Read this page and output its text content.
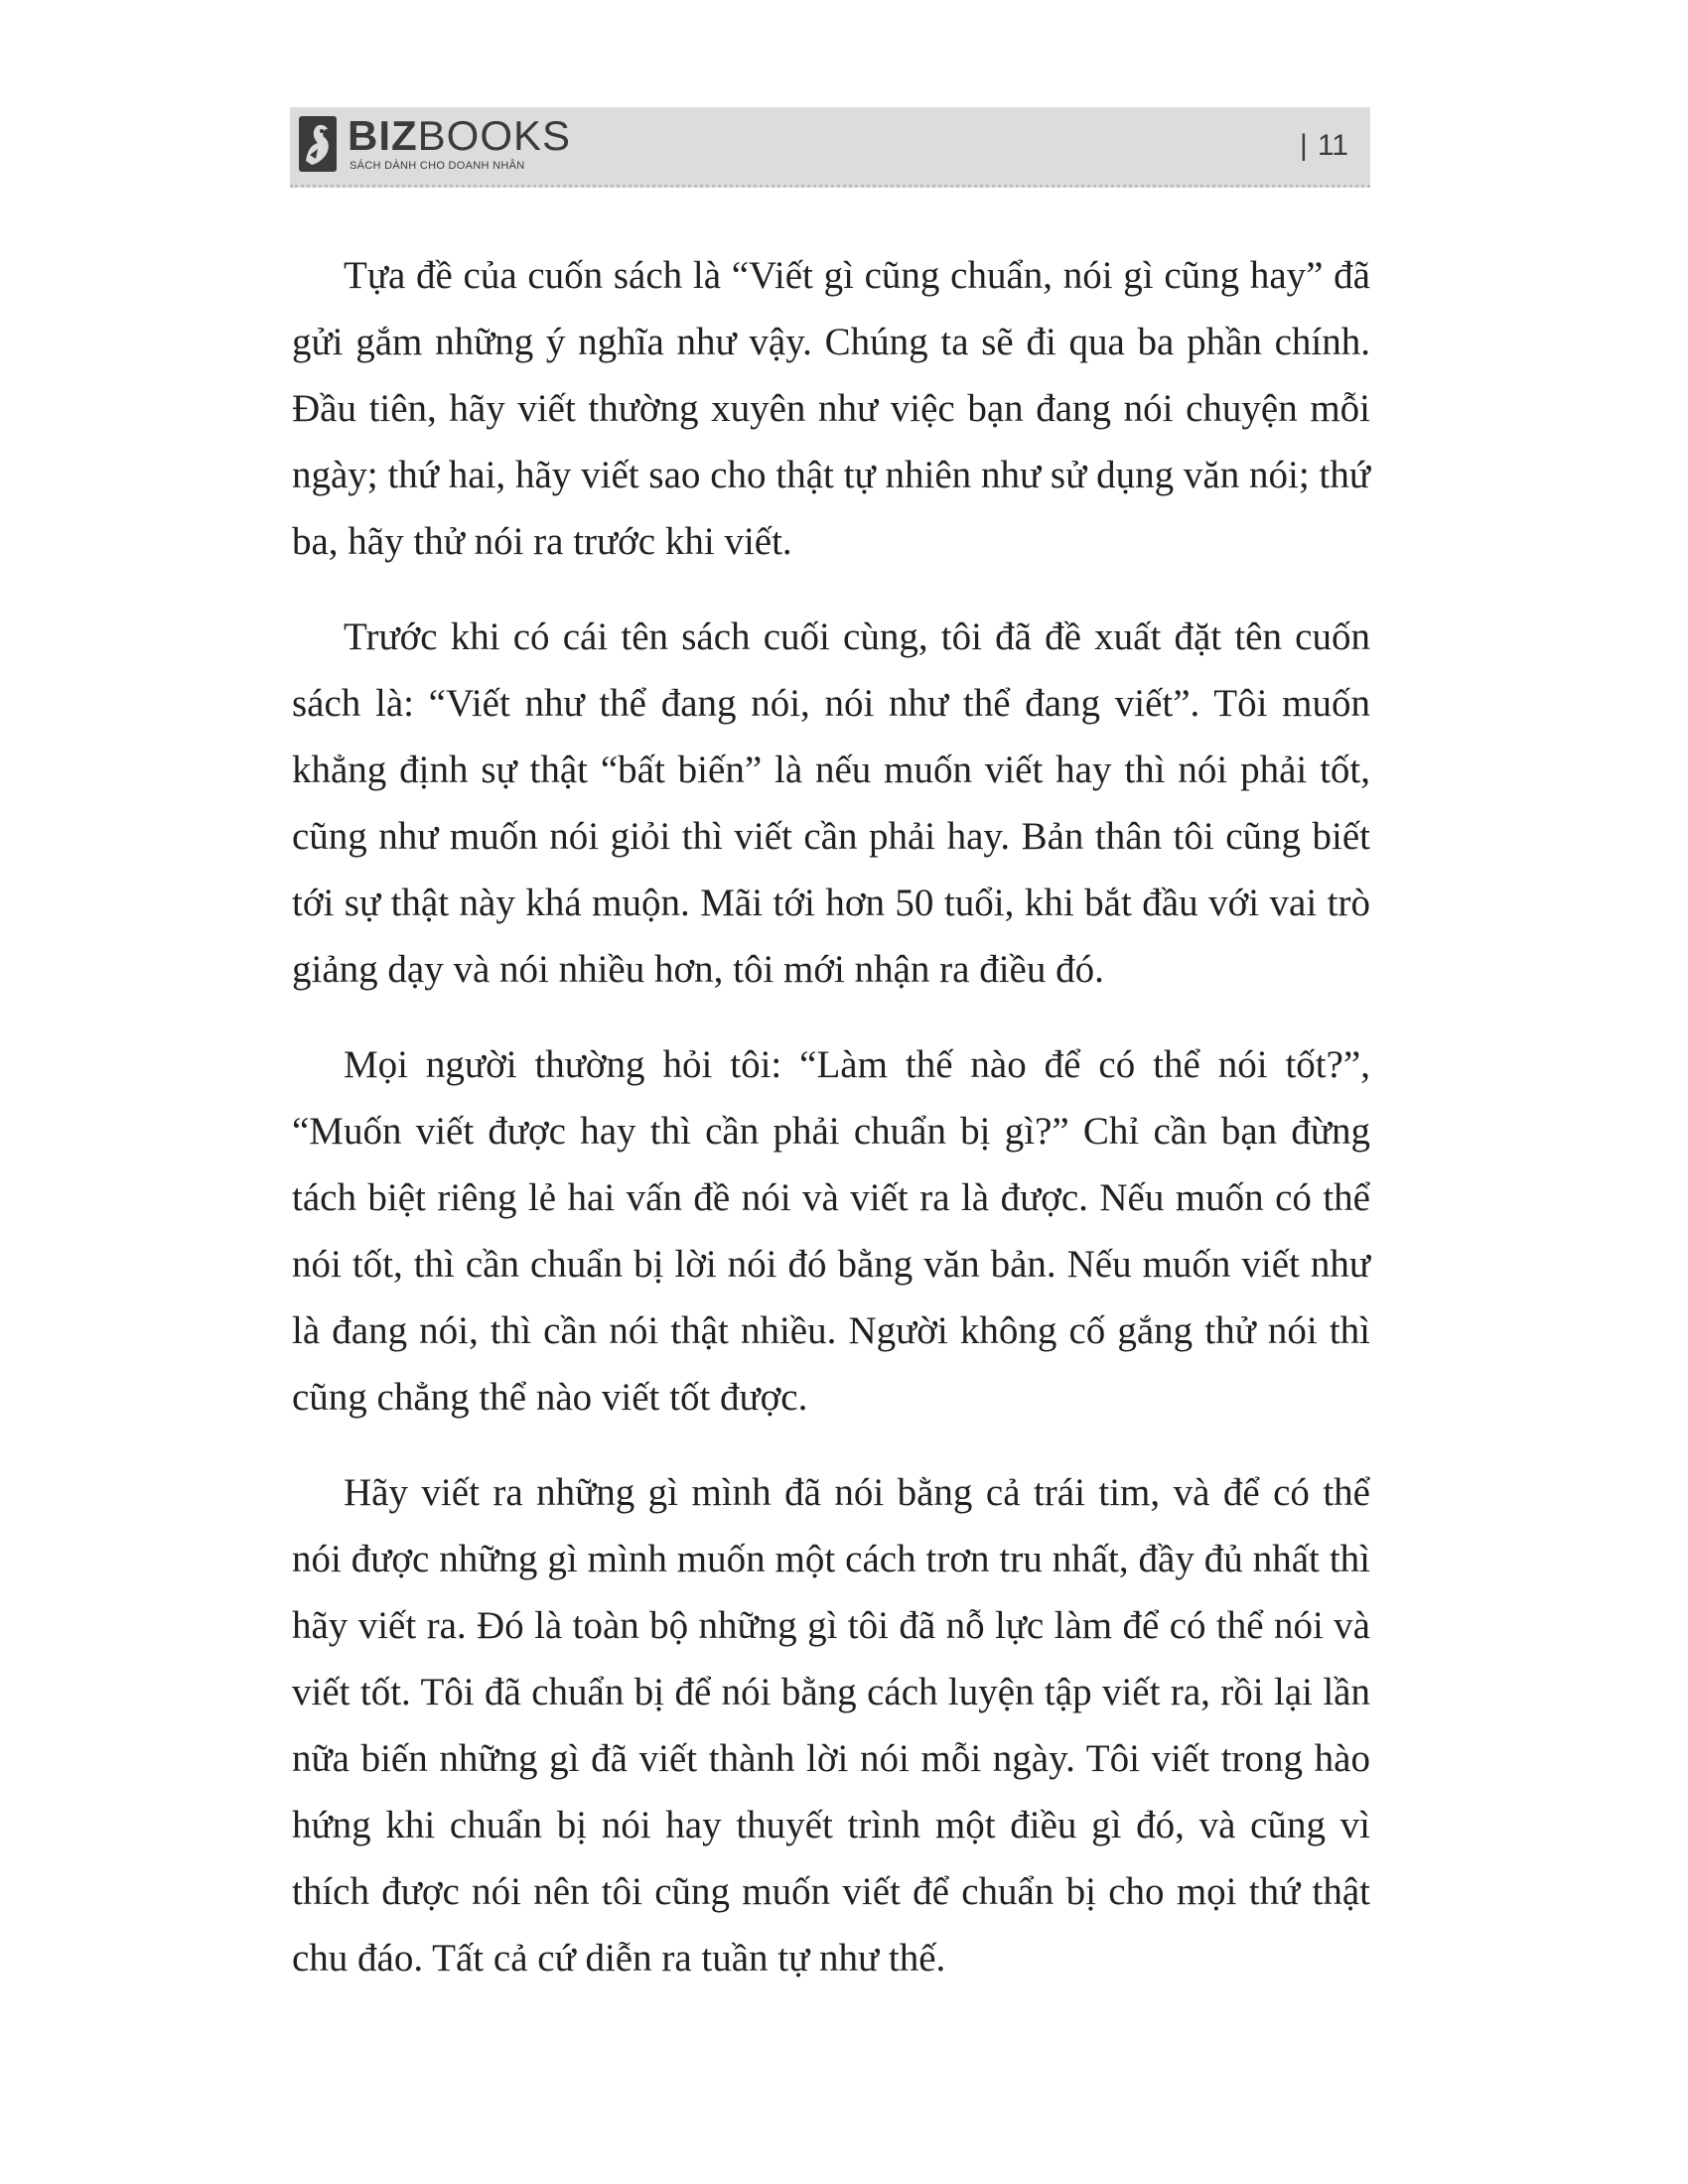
BIZBOOKS
SÁCH DÀNH CHO DOANH NHÂN
| 11

Tựa đề của cuốn sách là “Viết gì cũng chuẩn, nói gì cũng hay” đã gửi gắm những ý nghĩa như vậy. Chúng ta sẽ đi qua ba phần chính. Đầu tiên, hãy viết thường xuyên như việc bạn đang nói chuyện mỗi ngày; thứ hai, hãy viết sao cho thật tự nhiên như sử dụng văn nói; thứ ba, hãy thử nói ra trước khi viết.

Trước khi có cái tên sách cuối cùng, tôi đã đề xuất đặt tên cuốn sách là: “Viết như thể đang nói, nói như thể đang viết”. Tôi muốn khẳng định sự thật “bất biến” là nếu muốn viết hay thì nói phải tốt, cũng như muốn nói giỏi thì viết cần phải hay. Bản thân tôi cũng biết tới sự thật này khá muộn. Mãi tới hơn 50 tuổi, khi bắt đầu với vai trò giảng dạy và nói nhiều hơn, tôi mới nhận ra điều đó.

Mọi người thường hỏi tôi: “Làm thế nào để có thể nói tốt?”, “Muốn viết được hay thì cần phải chuẩn bị gì?” Chỉ cần bạn đừng tách biệt riêng lẻ hai vấn đề nói và viết ra là được. Nếu muốn có thể nói tốt, thì cần chuẩn bị lời nói đó bằng văn bản. Nếu muốn viết như là đang nói, thì cần nói thật nhiều. Người không cố gắng thử nói thì cũng chẳng thể nào viết tốt được.

Hãy viết ra những gì mình đã nói bằng cả trái tim, và để có thể nói được những gì mình muốn một cách trơn tru nhất, đầy đủ nhất thì hãy viết ra. Đó là toàn bộ những gì tôi đã nỗ lực làm để có thể nói và viết tốt. Tôi đã chuẩn bị để nói bằng cách luyện tập viết ra, rồi lại lần nữa biến những gì đã viết thành lời nói mỗi ngày. Tôi viết trong hào hứng khi chuẩn bị nói hay thuyết trình một điều gì đó, và cũng vì thích được nói nên tôi cũng muốn viết để chuẩn bị cho mọi thứ thật chu đáo. Tất cả cứ diễn ra tuần tự như thế.
